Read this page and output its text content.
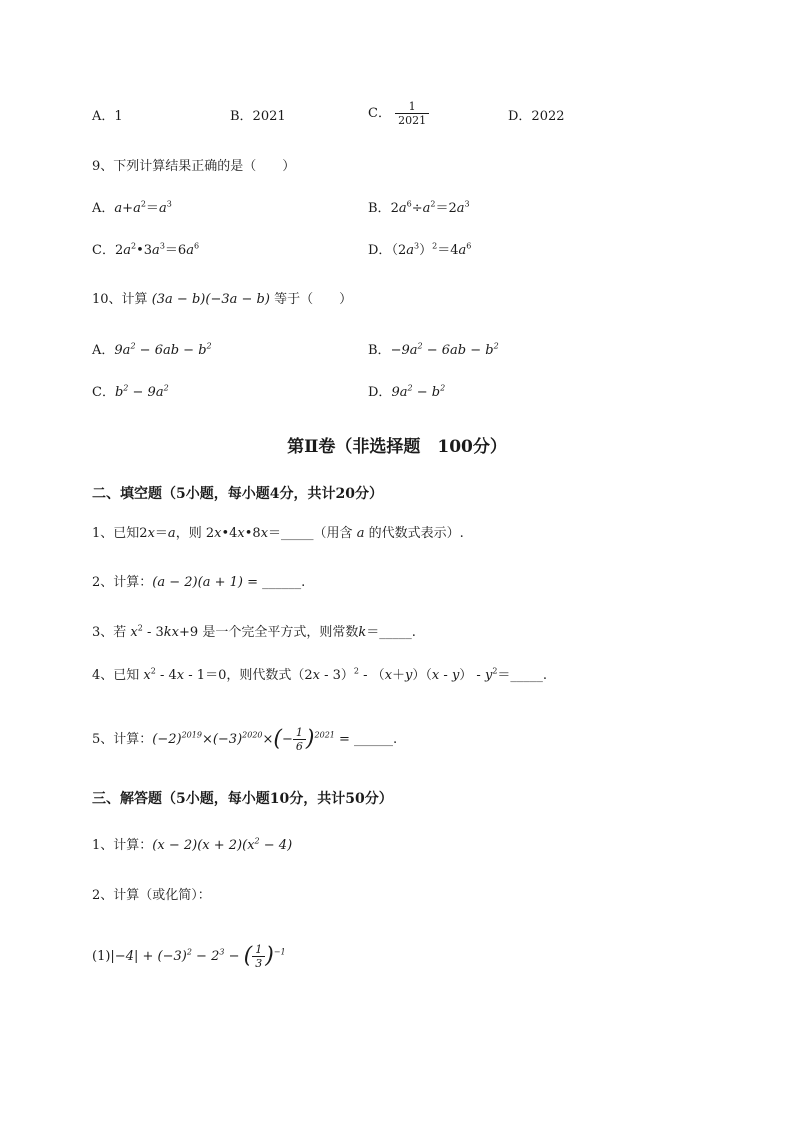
A．1	B．2021	C． $\frac{1}{2021}$	D．2022
9、下列计算结果正确的是（　　）
A．$a+a^2=a^3$	B．$2a^6\div a^2=2a^3$
C．$2a^2•3a^3=6a^6$	D．$(2a^3)^2=4a^6$
10、计算 (3a − b)(−3a − b) 等于（　　）
A．$9a^2 - 6ab - b^2$	B．$-9a^2 - 6ab - b^2$
C．$b^2 - 9a^2$	D．$9a^2 - b^2$
第Ⅱ卷（非选择题　100分）
二、填空题（5小题，每小题4分，共计20分）
1、已知2x＝a，则 2x•4x•8x＝_____（用含 a 的代数式表示）.
2、计算：(a − 2)(a + 1) = ______.
3、若 $x^2 - 3kx+9$ 是一个完全平方式，则常数k＝_____.
4、已知 $x^2 - 4x - 1=0$，则代数式$(2x - 3)^2 - (x+y)(x - y) - y^2=\_\_\_\_\_$.
5、计算：$(-2)^{2019}\times(-3)^{2020}\times(- \frac{1}{6} )^{2021}$ = ______.
三、解答题（5小题，每小题10分，共计50分）
1、计算：$(x - 2)(x + 2)(x^2 - 4)$
2、计算（或化简）：
$(1)|-4| + (-3)^2 - 2^3$ − ( $\frac{1}{3} )^{-1}$
